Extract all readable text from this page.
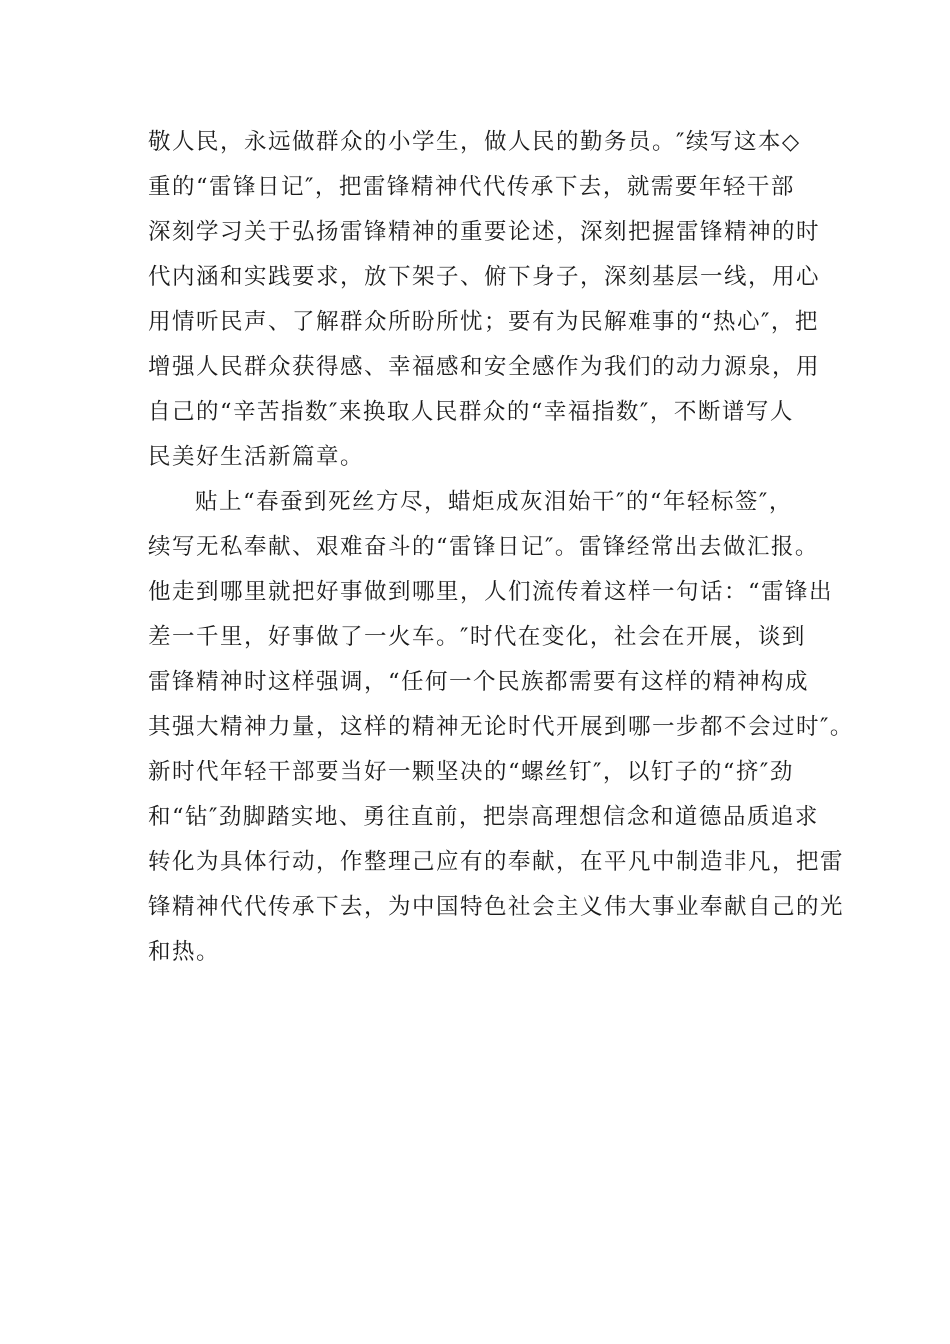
敬人民，永远做群众的小学生，做人民的勤务员。″续写这本◇
重的“雷锋日记″，把雷锋精神代代传承下去，就需要年轻干部
深刻学习关于弘扬雷锋精神的重要论述，深刻把握雷锋精神的时
代内涵和实践要求，放下架子、俯下身子，深刻基层一线，用心
用情听民声、了解群众所盼所忧；要有为民解难事的“热心″，把
增强人民群众获得感、幸福感和安全感作为我们的动力源泉，用
自己的“辛苦指数″来换取人民群众的“幸福指数″，不断谱写人
民美好生活新篇章。
贴上“春蚕到死丝方尽，蜡炬成灰泪始干″的“年轻标签″，
续写无私奉献、艰难奋斗的“雷锋日记″。雷锋经常出去做汇报。
他走到哪里就把好事做到哪里，人们流传着这样一句话：“雷锋出
差一千里，好事做了一火车。″时代在变化，社会在开展，谈到
雷锋精神时这样强调，“任何一个民族都需要有这样的精神构成
其强大精神力量，这样的精神无论时代开展到哪一步都不会过时″。
新时代年轻干部要当好一颗坚决的“螺丝钉″，以钉子的“挤″劲
和“钻″劲脚踏实地、勇往直前，把崇高理想信念和道德品质追求
转化为具体行动，作整理己应有的奉献，在平凡中制造非凡，把雷
锋精神代代传承下去，为中国特色社会主义伟大事业奉献自己的光
和热。
